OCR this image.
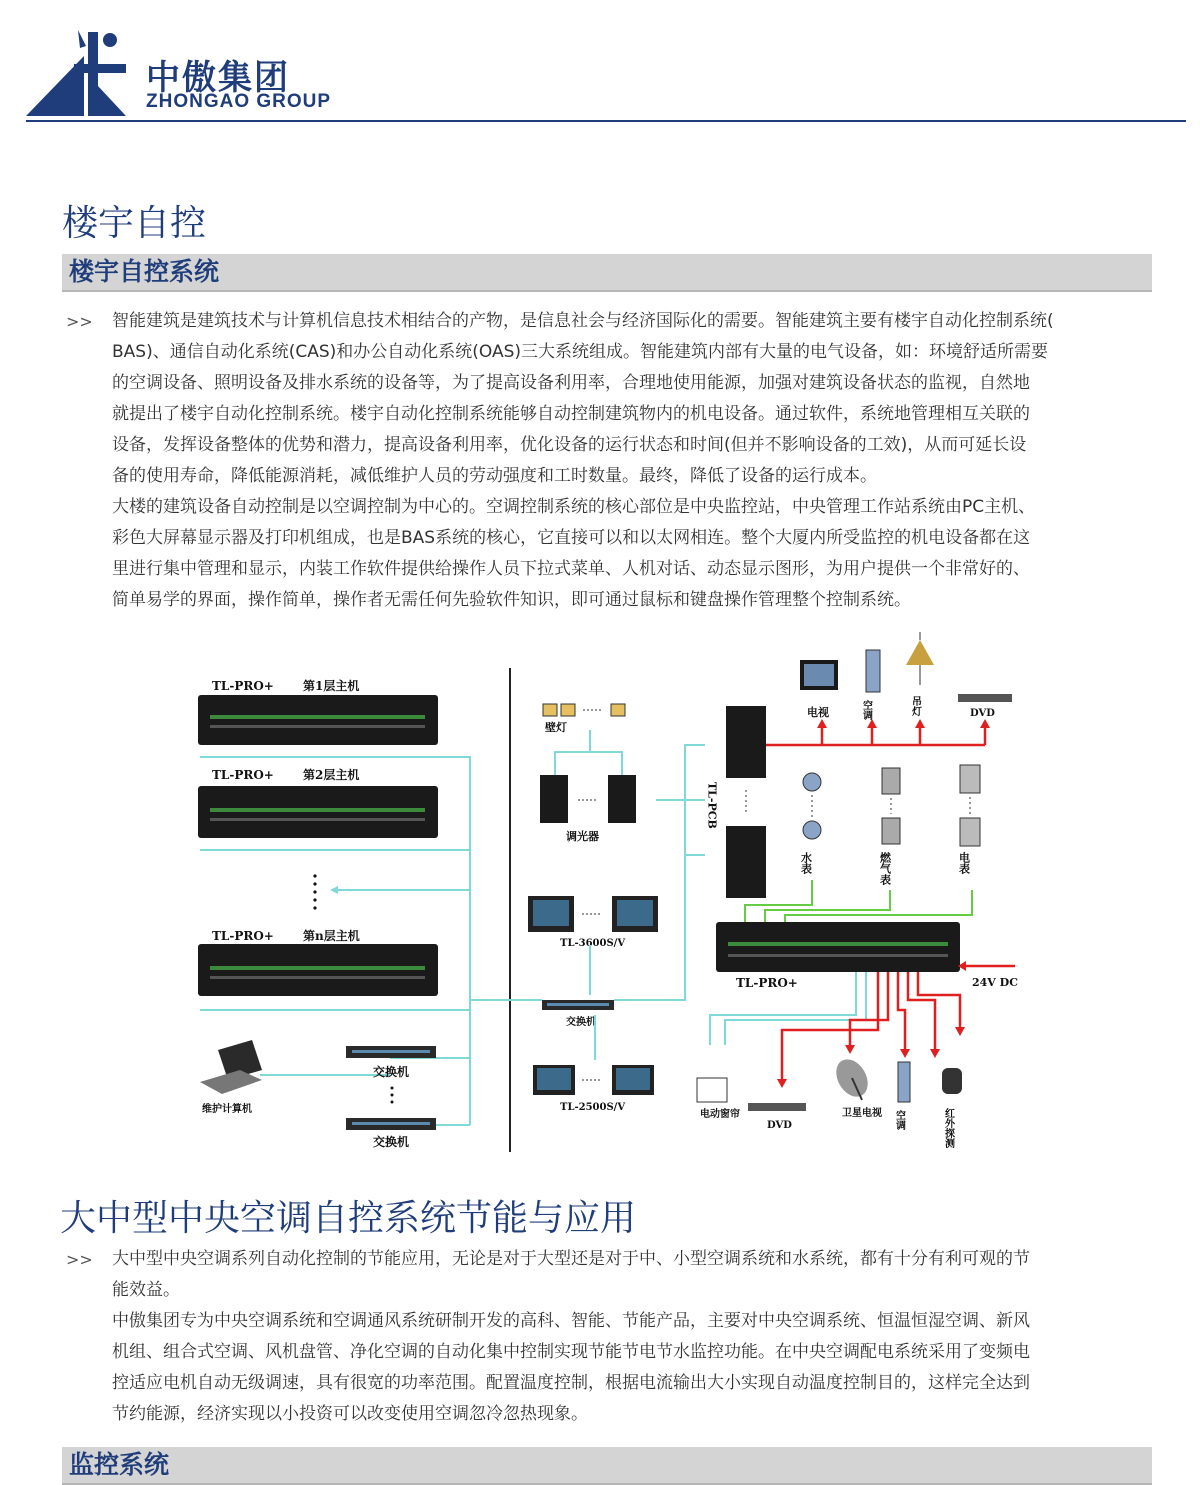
中傲集团
ZHONGAO GROUP
楼宇自控
楼宇自控系统
>> 智能建筑是建筑技术与计算机信息技术相结合的产物，是信息社会与经济国际化的需要。智能建筑主要有楼宇自动化控制系统(
BAS)、通信自动化系统(CAS)和办公自动化系统(OAS)三大系统组成。智能建筑内部有大量的电气设备，如：环境舒适所需要
的空调设备、照明设备及排水系统的设备等，为了提高设备利用率，合理地使用能源，加强对建筑设备状态的监视，自然地
就提出了楼宇自动化控制系统。楼宇自动化控制系统能够自动控制建筑物内的机电设备。通过软件，系统地管理相互关联的
设备，发挥设备整体的优势和潜力，提高设备利用率，优化设备的运行状态和时间(但并不影响设备的工效)，从而可延长设
备的使用寿命，降低能源消耗，减低维护人员的劳动强度和工时数量。最终，降低了设备的运行成本。
大楼的建筑设备自动控制是以空调控制为中心的。空调控制系统的核心部位是中央监控站，中央管理工作站系统由PC主机、
彩色大屏幕显示器及打印机组成，也是BAS系统的核心，它直接可以和以太网相连。整个大厦内所受监控的机电设备都在这
里进行集中管理和显示，内装工作软件提供给操作人员下拉式菜单、人机对话、动态显示图形，为用户提供一个非常好的、
简单易学的界面，操作简单，操作者无需任何先验软件知识，即可通过鼠标和键盘操作管理整个控制系统。
TL-PRO+ 第1层主机
TL-PRO+ 第2层主机
TL-PRO+ 第n层主机
维护计算机
交换机
交换机
壁灯
调光器
TL-3600S/V
交换机
TL-2500S/V
TL-PCB
电视	空调	吊灯	DVD
水表	燃气表	电表
TL-PRO+	24V DC
电动窗帘
DVD
卫星电视 空调	红外探测
大中型中央空调自控系统节能与应用
>> 大中型中央空调系列自动化控制的节能应用，无论是对于大型还是对于中、小型空调系统和水系统，都有十分有利可观的节
能效益。
中傲集团专为中央空调系统和空调通风系统研制开发的高科、智能、节能产品，主要对中央空调系统、恒温恒湿空调、新风
机组、组合式空调、风机盘管、净化空调的自动化集中控制实现节能节电节水监控功能。在中央空调配电系统采用了变频电
控适应电机自动无级调速，具有很宽的功率范围。配置温度控制，根据电流输出大小实现自动温度控制目的，这样完全达到
节约能源，经济实现以小投资可以改变使用空调忽冷忽热现象。
监控系统
